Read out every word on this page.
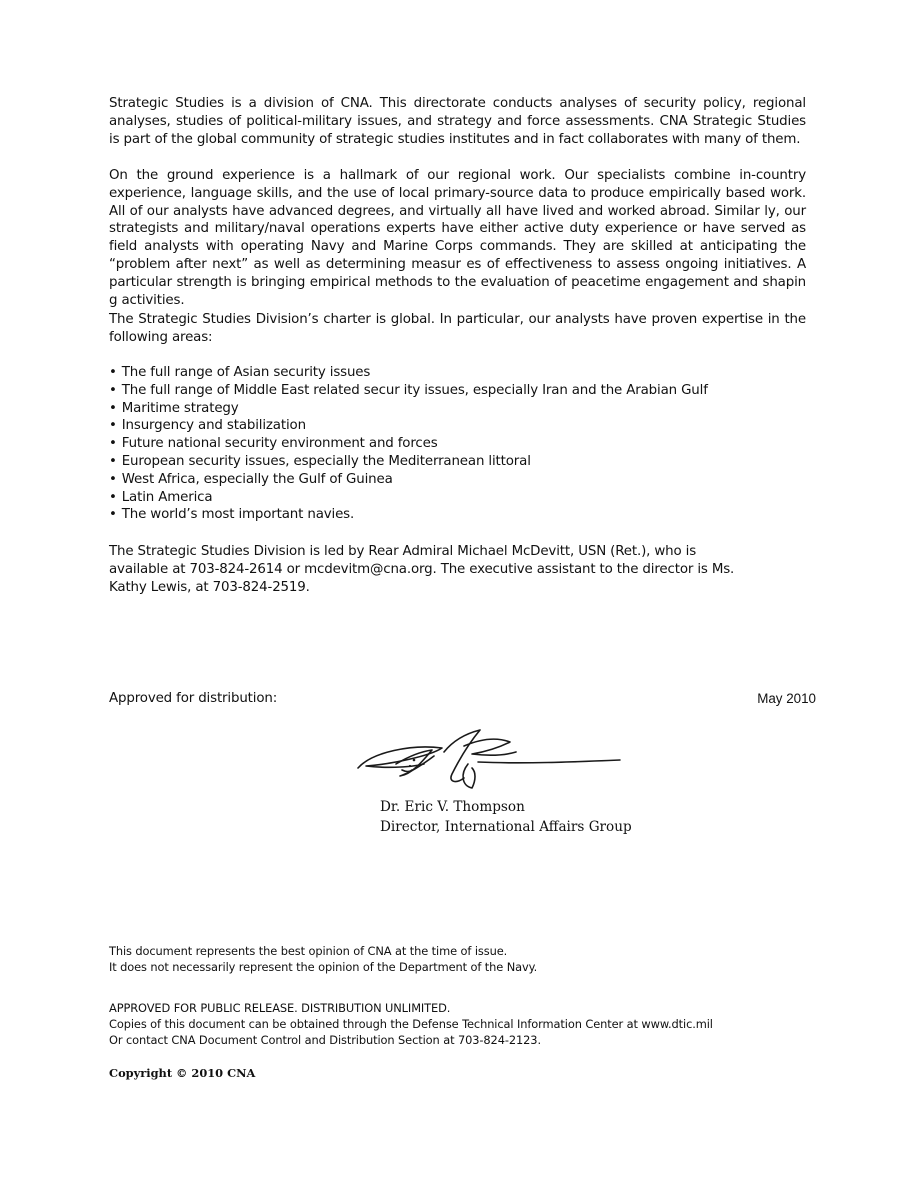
Strategic Studies is a division of CNA. This directorate conducts analyses of security policy, regional analyses, studies of political-military issues, and strategy and force assessments. CNA Strategic Studies is part of the global community of strategic studies institutes and in fact collaborates with many of them.

On the ground experience is a hallmark of our regional work. Our specialists combine in-country experience, language skills, and the use of local primary-source data to produce empirically based work. All of our analysts have advanced degrees, and virtually all have lived and worked abroad. Similar ly, our strategists and military/naval operations experts have either active duty experience or have served as field analysts with operating Navy and Marine Corps commands. They are skilled at anticipating the “problem after next” as well as determining measur es of effectiveness to assess ongoing initiatives. A particular strength is bringing empirical methods to the evaluation of peacetime engagement and shapin g activities.

The Strategic Studies Division’s charter is global. In particular, our analysts have proven expertise in the following areas:

• The full range of Asian security issues
• The full range of Middle East related secur ity issues, especially Iran and the Arabian Gulf
• Maritime strategy
• Insurgency and stabilization
• Future national security environment and forces
• European security issues, especially the Mediterranean littoral
• West Africa, especially the Gulf of Guinea
• Latin America
• The world’s most important navies.

The Strategic Studies Division is led by Rear Admiral Michael McDevitt, USN (Ret.), who is available at 703-824-2614 or mcdevitm@cna.org. The executive assistant to the director is Ms. Kathy Lewis, at 703-824-2519.

Approved for distribution:	May 2010
Dr. Eric V. Thompson
Director, International Affairs Group
This document represents the best opinion of CNA at the time of issue.
It does not necessarily represent the opinion of the Department of the Navy.
APPROVED FOR PUBLIC RELEASE. DISTRIBUTION UNLIMITED.
Copies of this document can be obtained through the Defense Technical Information Center at www.dtic.mil
Or contact CNA Document Control and Distribution Section at 703-824-2123.
Copyright © 2010 CNA
